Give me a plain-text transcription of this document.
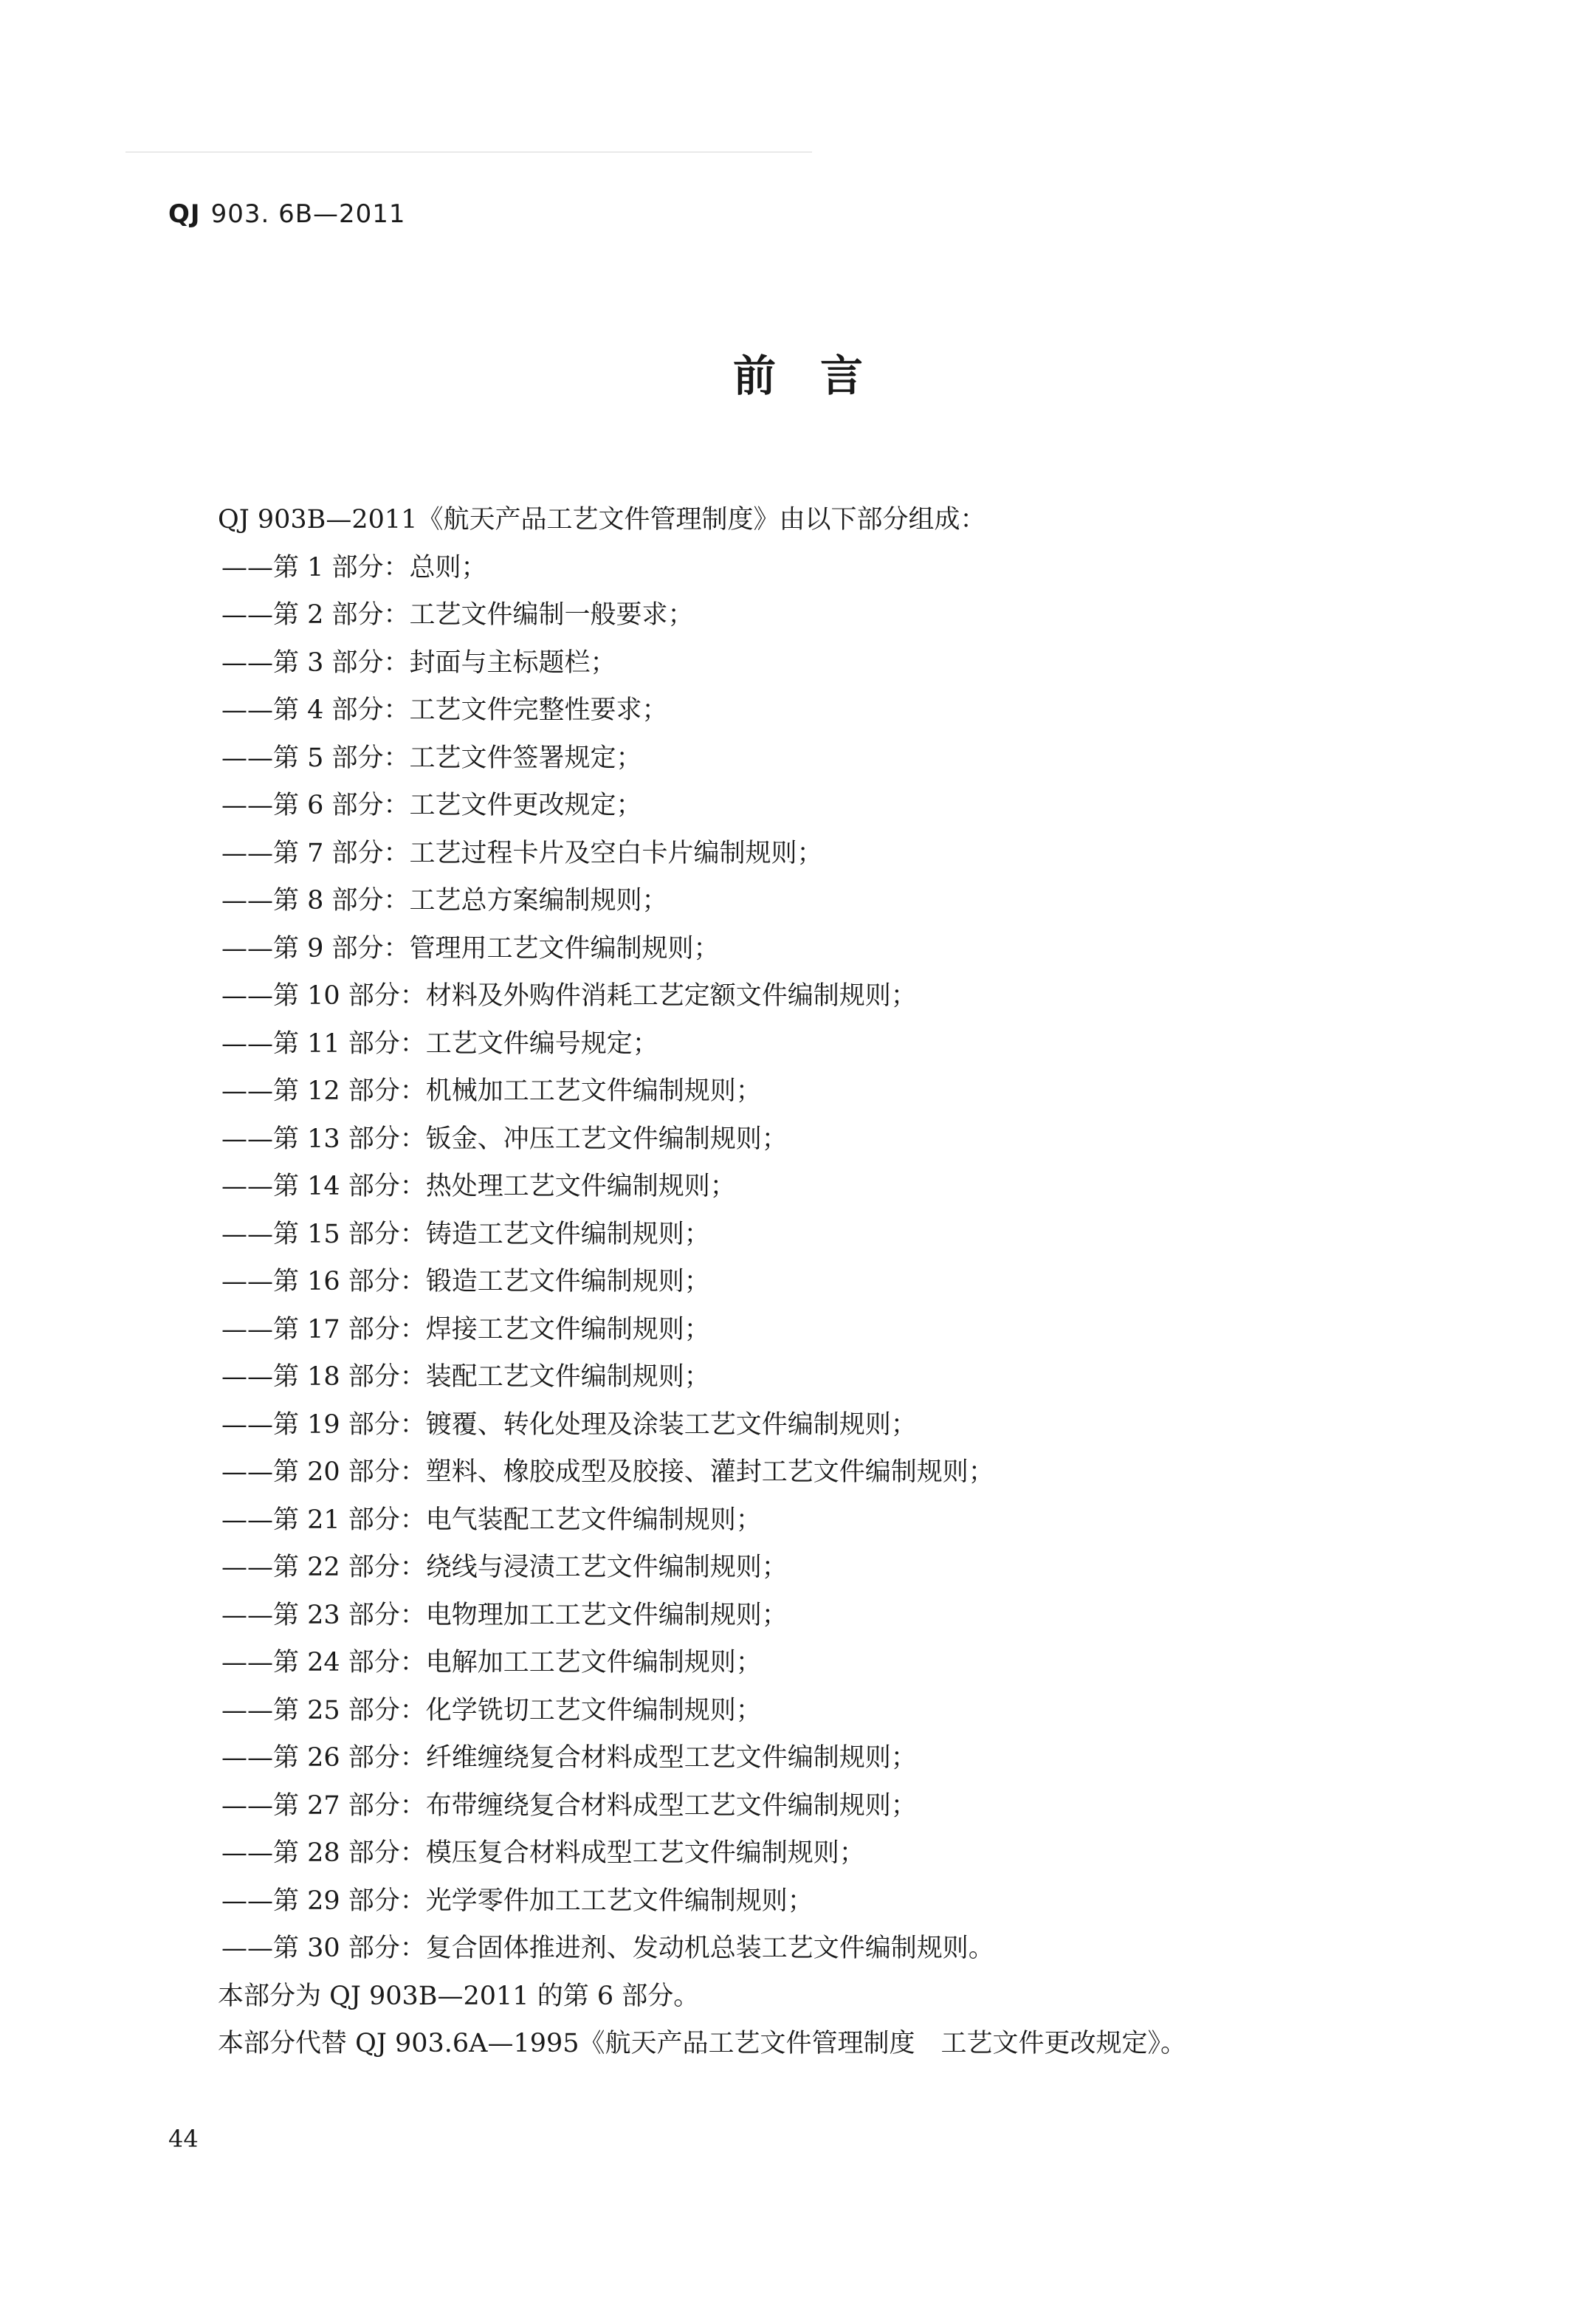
QJ 903. 6B—2011
前言
QJ 903B—2011《航天产品工艺文件管理制度》由以下部分组成：
——第 1 部分：总则；
——第 2 部分：工艺文件编制一般要求；
——第 3 部分：封面与主标题栏；
——第 4 部分：工艺文件完整性要求；
——第 5 部分：工艺文件签署规定；
——第 6 部分：工艺文件更改规定；
——第 7 部分：工艺过程卡片及空白卡片编制规则；
——第 8 部分：工艺总方案编制规则；
——第 9 部分：管理用工艺文件编制规则；
——第 10 部分：材料及外购件消耗工艺定额文件编制规则；
——第 11 部分：工艺文件编号规定；
——第 12 部分：机械加工工艺文件编制规则；
——第 13 部分：钣金、冲压工艺文件编制规则；
——第 14 部分：热处理工艺文件编制规则；
——第 15 部分：铸造工艺文件编制规则；
——第 16 部分：锻造工艺文件编制规则；
——第 17 部分：焊接工艺文件编制规则；
——第 18 部分：装配工艺文件编制规则；
——第 19 部分：镀覆、转化处理及涂装工艺文件编制规则；
——第 20 部分：塑料、橡胶成型及胶接、灌封工艺文件编制规则；
——第 21 部分：电气装配工艺文件编制规则；
——第 22 部分：绕线与浸渍工艺文件编制规则；
——第 23 部分：电物理加工工艺文件编制规则；
——第 24 部分：电解加工工艺文件编制规则；
——第 25 部分：化学铣切工艺文件编制规则；
——第 26 部分：纤维缠绕复合材料成型工艺文件编制规则；
——第 27 部分：布带缠绕复合材料成型工艺文件编制规则；
——第 28 部分：模压复合材料成型工艺文件编制规则；
——第 29 部分：光学零件加工工艺文件编制规则；
——第 30 部分：复合固体推进剂、发动机总装工艺文件编制规则。
本部分为 QJ 903B—2011 的第 6 部分。
本部分代替 QJ 903.6A—1995《航天产品工艺文件管理制度　工艺文件更改规定》。
44
